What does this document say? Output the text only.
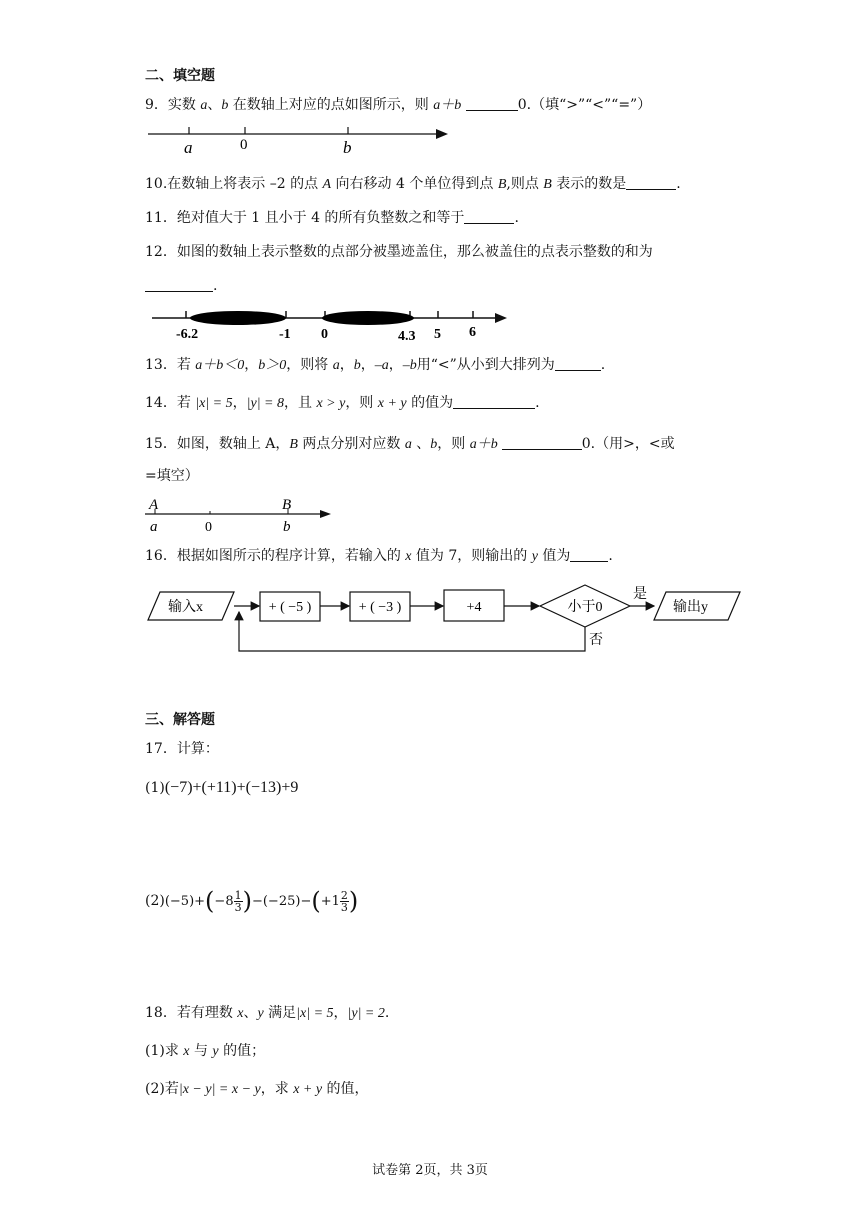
二、填空题
9．实数 a、b 在数轴上对应的点如图所示，则 a＋b	0.（填“>”“<”“=”）
a	0	b
10.在数轴上将表示 –2 的点 A 向右移动 4 个单位得到点 B,则点 B 表示的数是	.
11．绝对值大于 1 且小于 4 的所有负整数之和等于	.
12．如图的数轴上表示整数的点部分被墨迹盖住，那么被盖住的点表示整数的和为
.
-6.2	-1 0	4.3 5 6
13．若 a＋b＜0，b＞0，则将 a，b，–a，–b用“<”从小到大排列为	.
14．若 |x| = 5，|y| = 8，且 x > y，则 x + y 的值为	.
15．如图，数轴上 A，B 两点分别对应数 a 、b，则 a＋b	0.（用>，<或
=填空）
A	B
a	0	b
16．根据如图所示的程序计算，若输入的 x 值为 7，则输出的 y 值为	.
输入x	+ ( −5 )	+ ( −3 )	+4	小于0
是
输出y
否
三、解答题
17．计算：
(1)(−7)+(+11)+(−13)+9
$(2)(-5)+(-8 \frac{1}{3} )-(-25)-(+1 \frac{2}{3}$ )
18．若有理数 x、y 满足|x| = 5，|y| = 2.
(1)求 x 与 y 的值；
(2)若|x − y| = x − y，求 x + y 的值，
试卷第 2页，共 3页
